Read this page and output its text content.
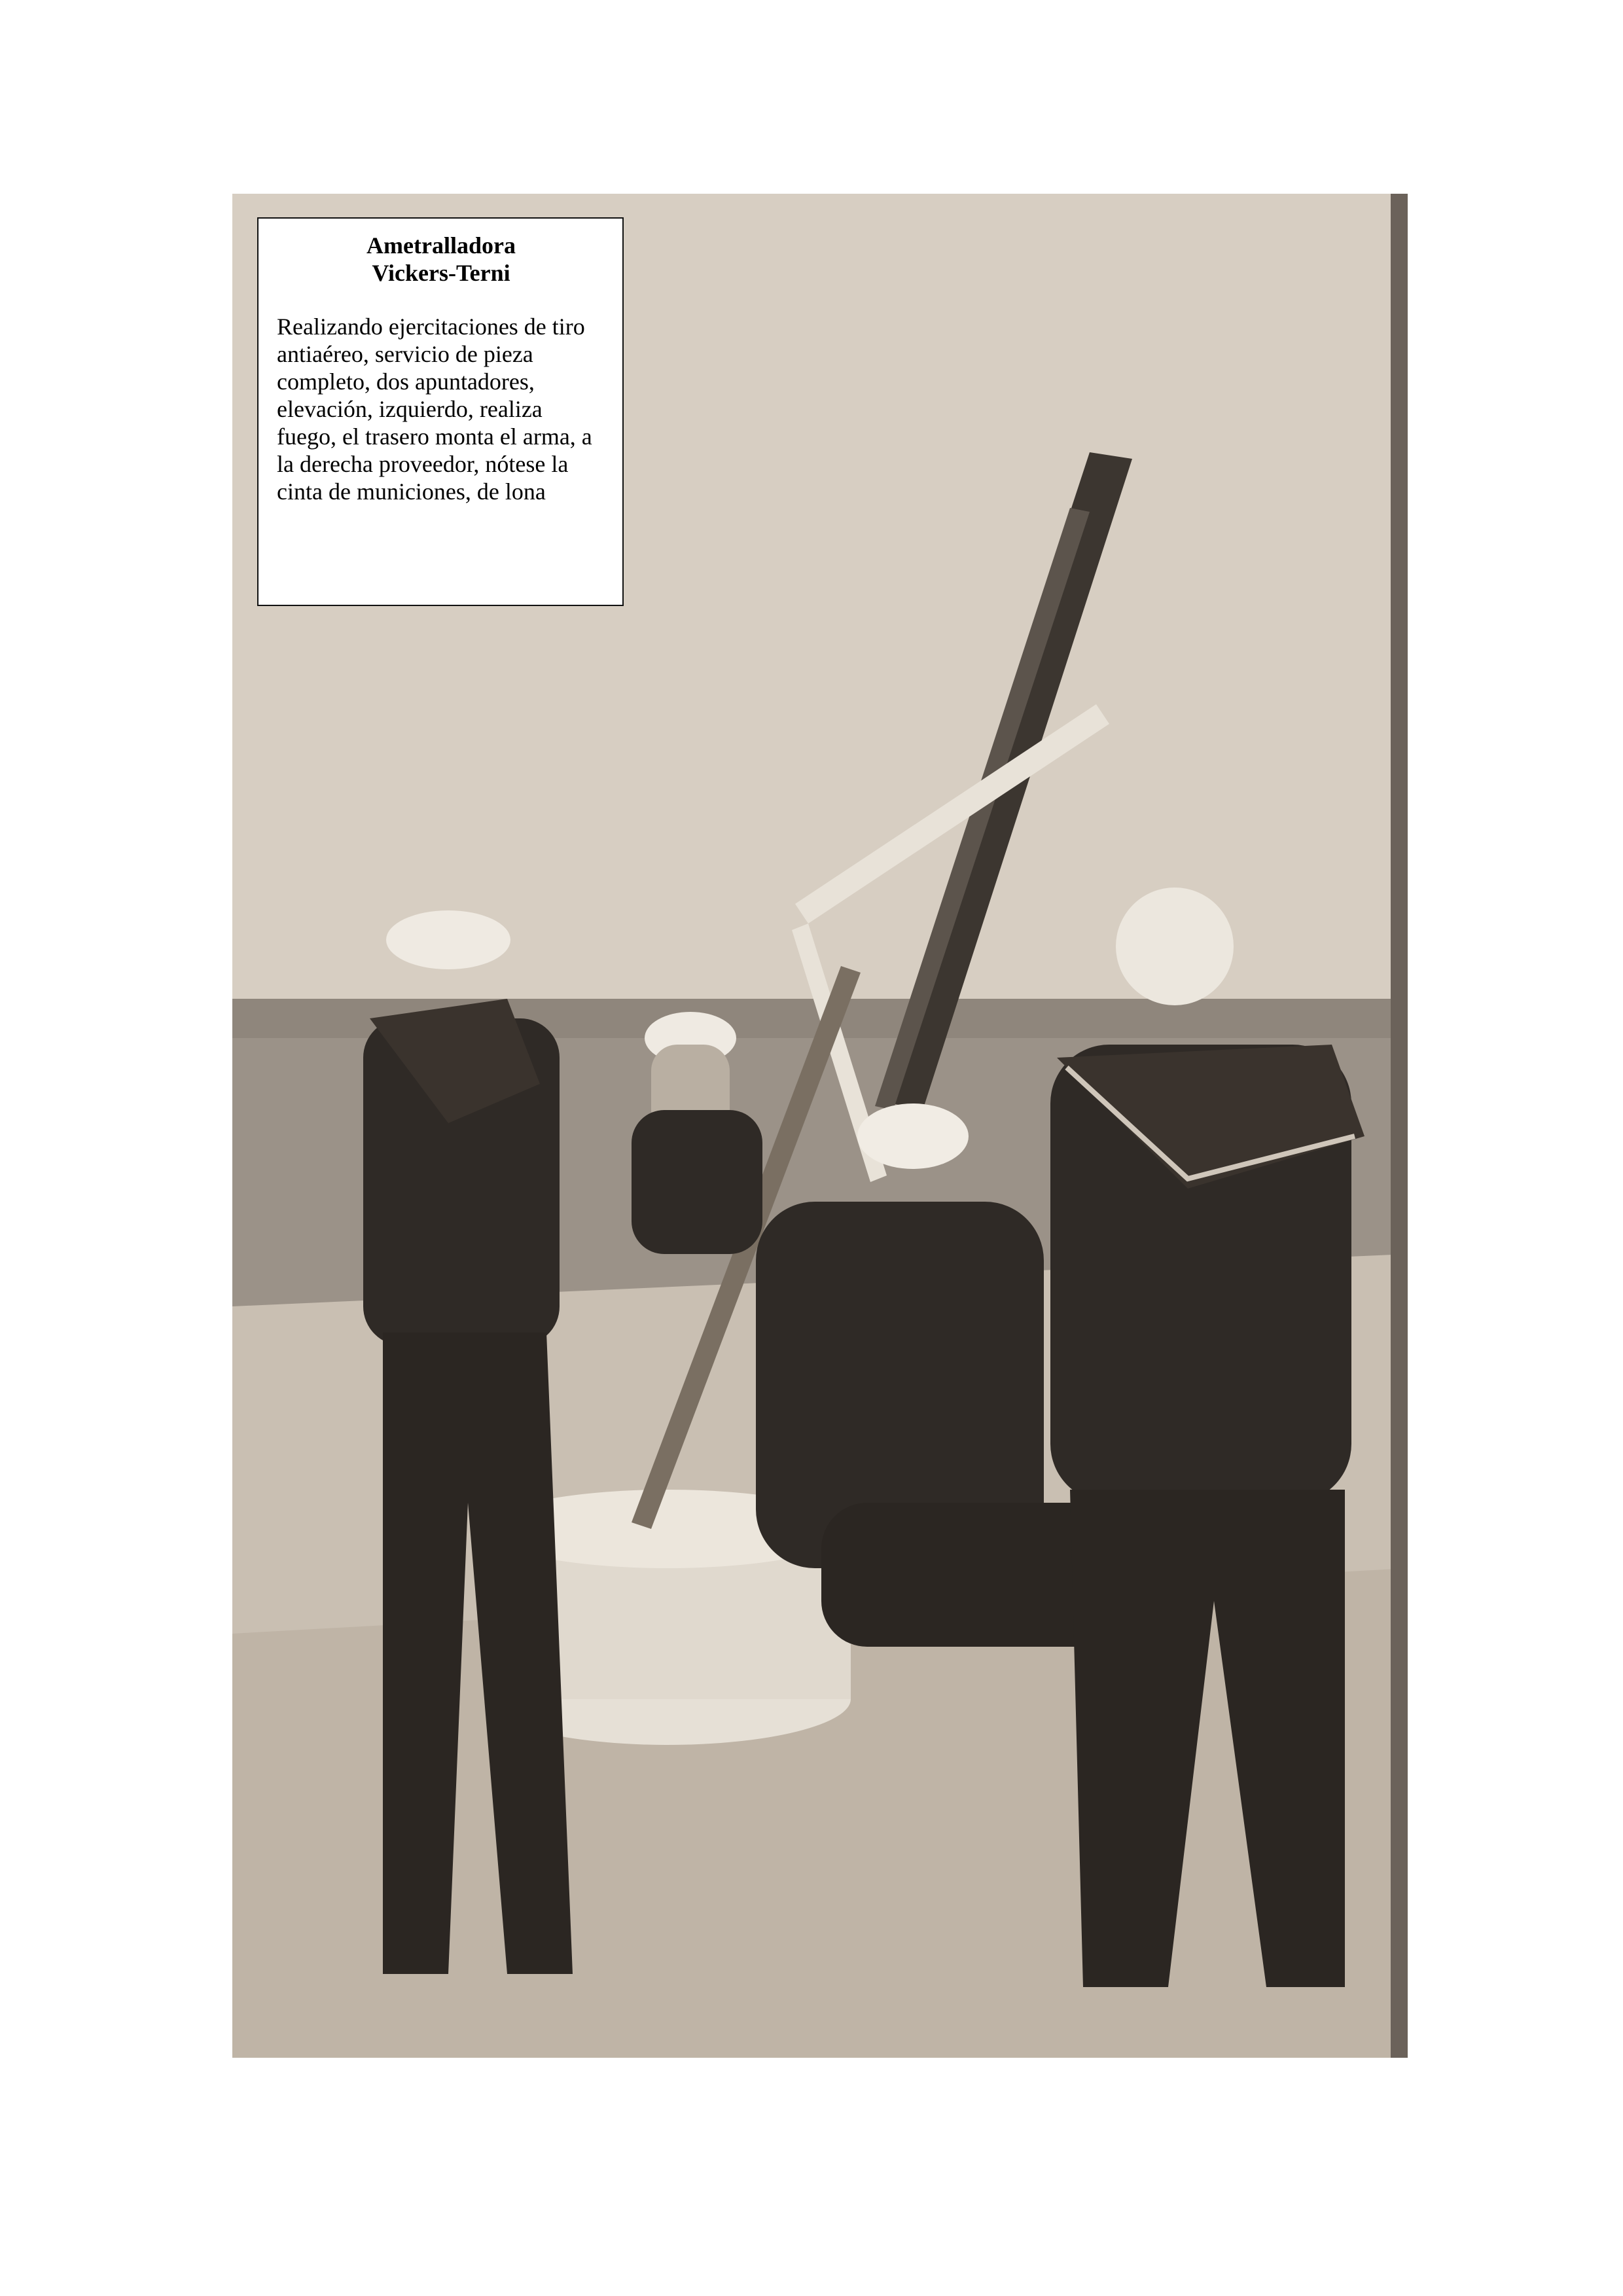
Ametralladora
Vickers-Terni

Realizando ejercitaciones de tiro antiaéreo, servicio de pieza completo, dos apuntadores, elevación, izquierdo, realiza fuego, el trasero monta el arma, a la derecha proveedor, nótese la cinta de municiones, de lona
